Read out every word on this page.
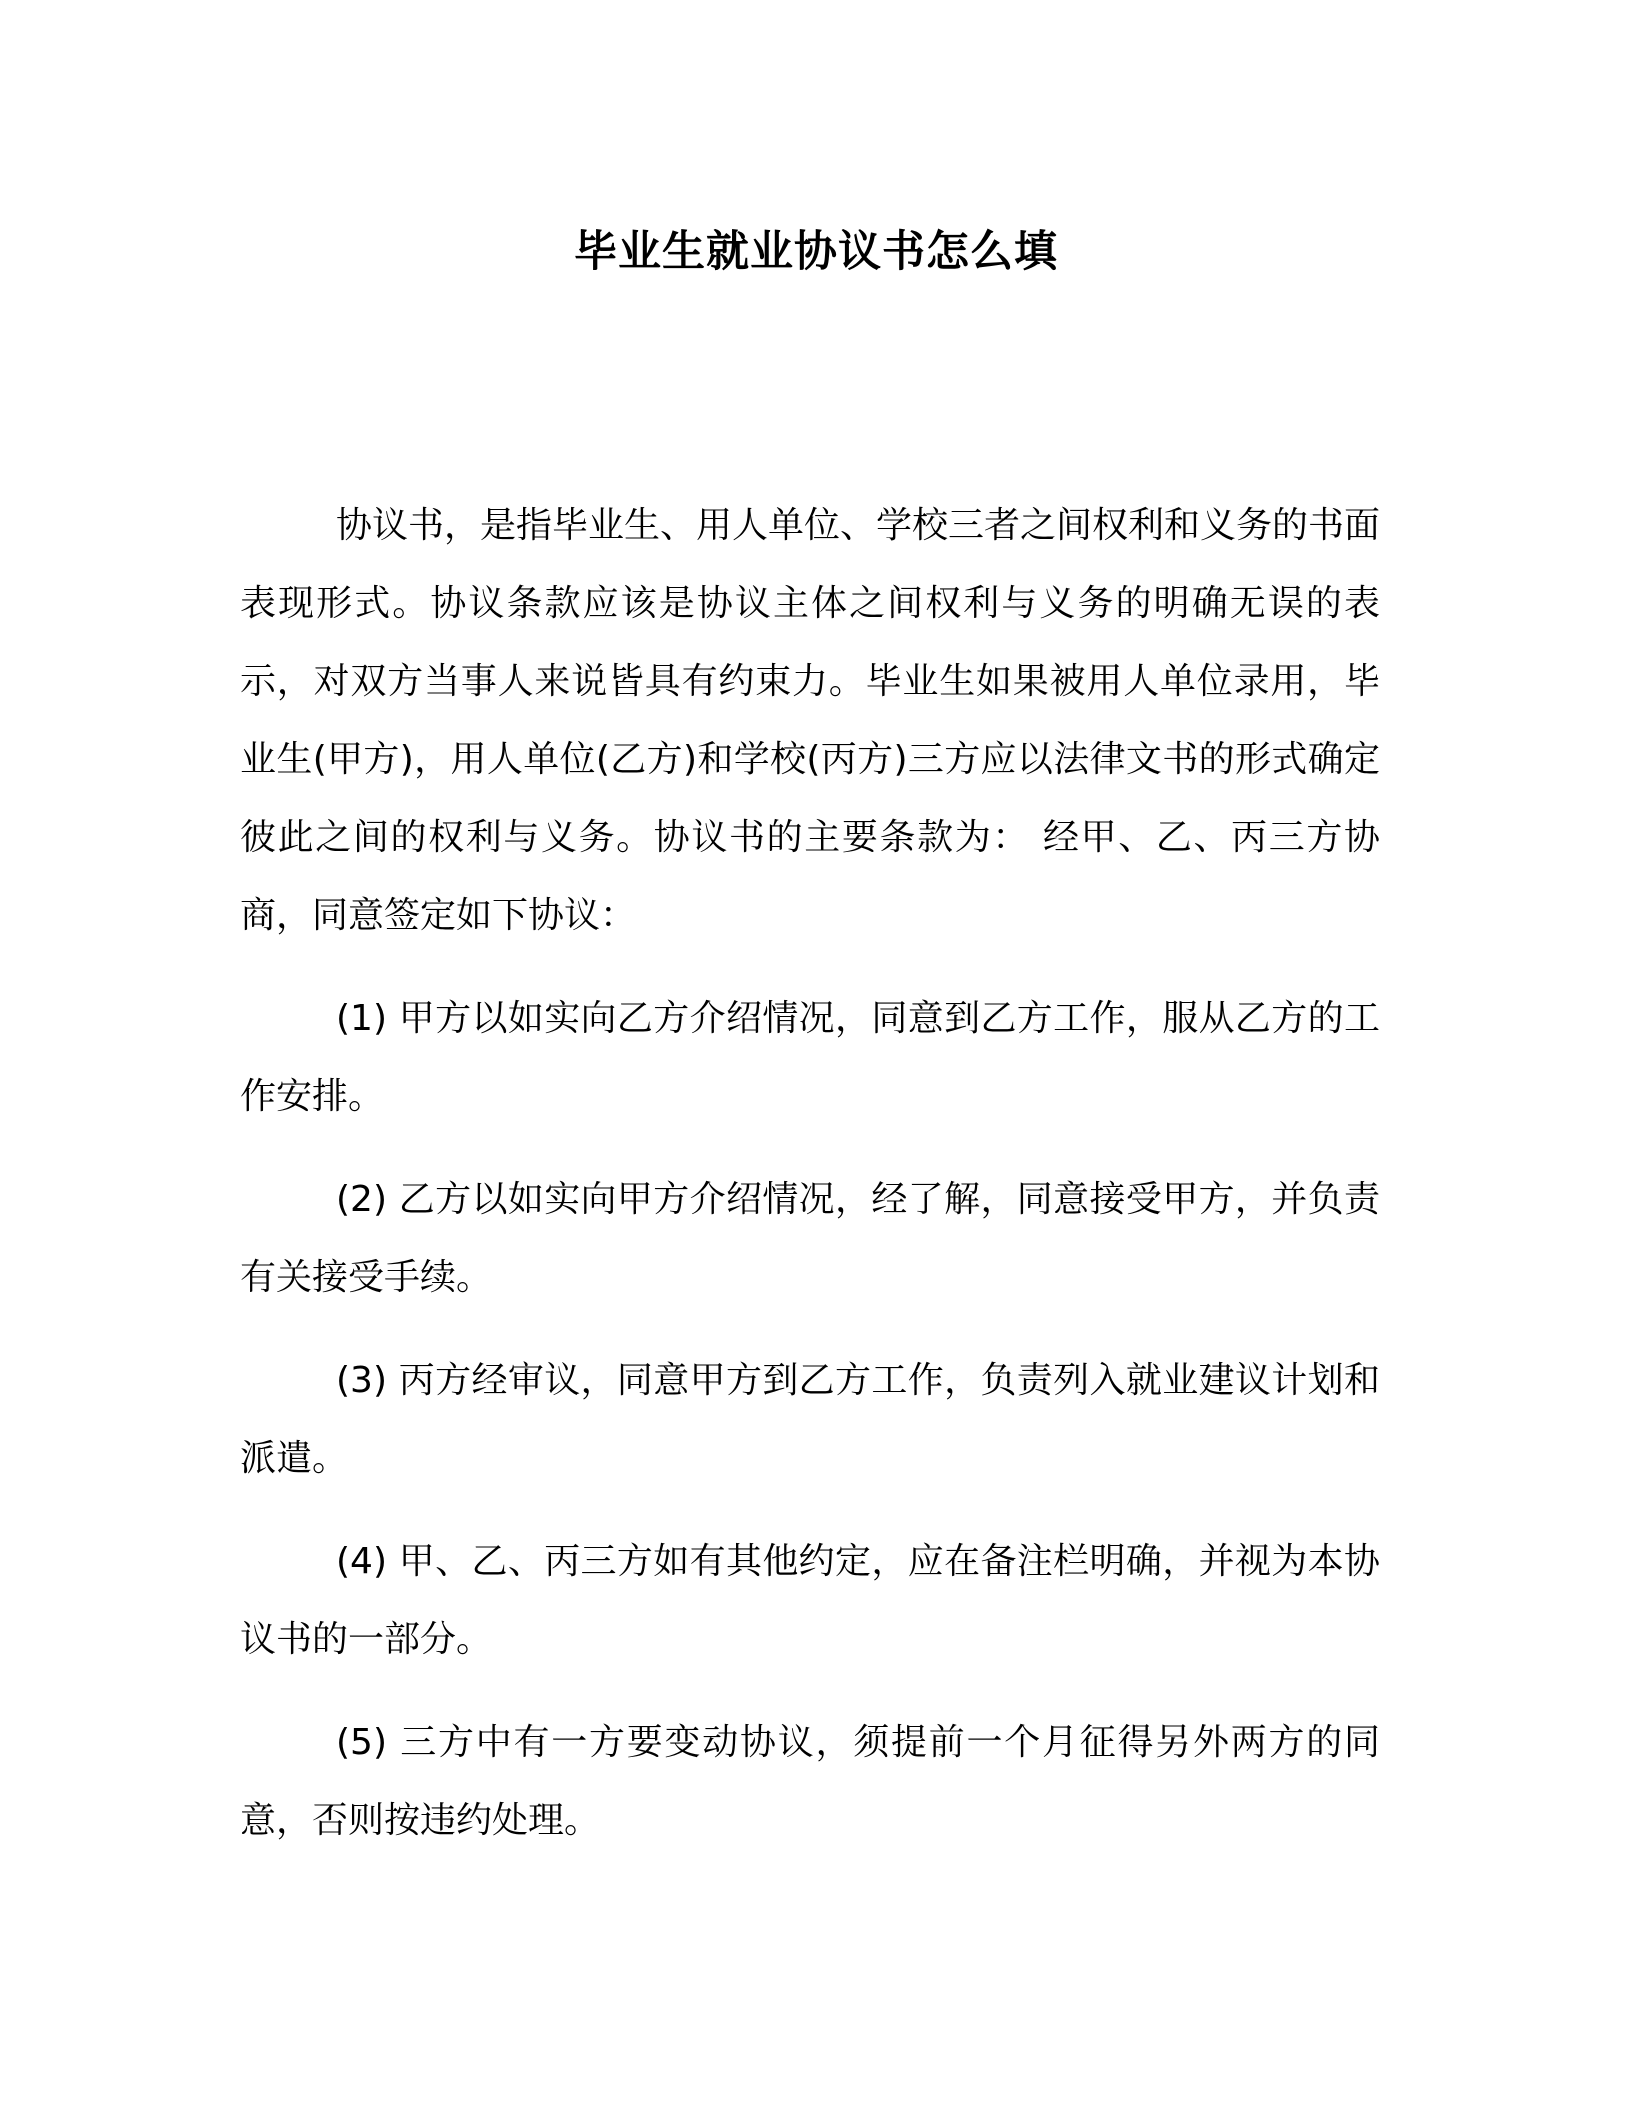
毕业生就业协议书怎么填

协议书，是指毕业生、用人单位、学校三者之间权利和义务的书面表现形式。协议条款应该是协议主体之间权利与义务的明确无误的表示，对双方当事人来说皆具有约束力。毕业生如果被用人单位录用，毕业生(甲方)，用人单位(乙方)和学校(丙方)三方应以法律文书的形式确定彼此之间的权利与义务。协议书的主要条款为： 经甲、乙、丙三方协商，同意签定如下协议：

(1) 甲方以如实向乙方介绍情况，同意到乙方工作，服从乙方的工作安排。

(2) 乙方以如实向甲方介绍情况，经了解，同意接受甲方，并负责有关接受手续。

(3) 丙方经审议，同意甲方到乙方工作，负责列入就业建议计划和派遣。

(4) 甲、乙、丙三方如有其他约定，应在备注栏明确，并视为本协议书的一部分。

(5) 三方中有一方要变动协议，须提前一个月征得另外两方的同意，否则按违约处理。
